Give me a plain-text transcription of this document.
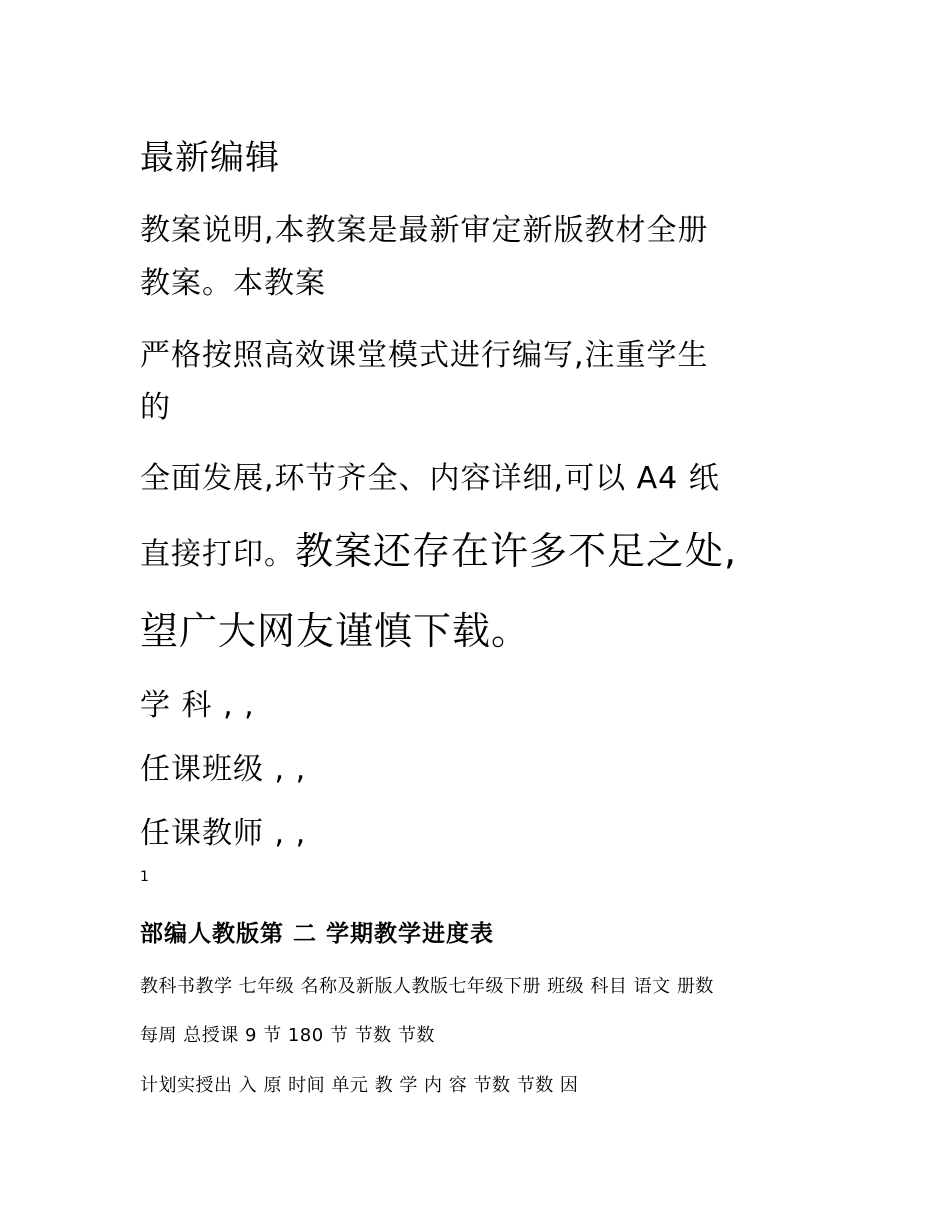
最新编辑
教案说明,本教案是最新审定新版教材全册
教案。本教案
严格按照高效课堂模式进行编写,注重学生
的
全面发展,环节齐全、内容详细,可以 A4 纸
直接打印。教案还存在许多不足之处,
望广大网友谨慎下载。
学 科 , ,
任课班级 , ,
任课教师 , ,
1
部编人教版第 二 学期教学进度表
教科书教学 七年级 名称及新版人教版七年级下册 班级 科目 语文 册数
每周 总授课 9 节 180 节 节数 节数
计划实授出 入 原 时间 单元 教 学 内 容 节数 节数 因
